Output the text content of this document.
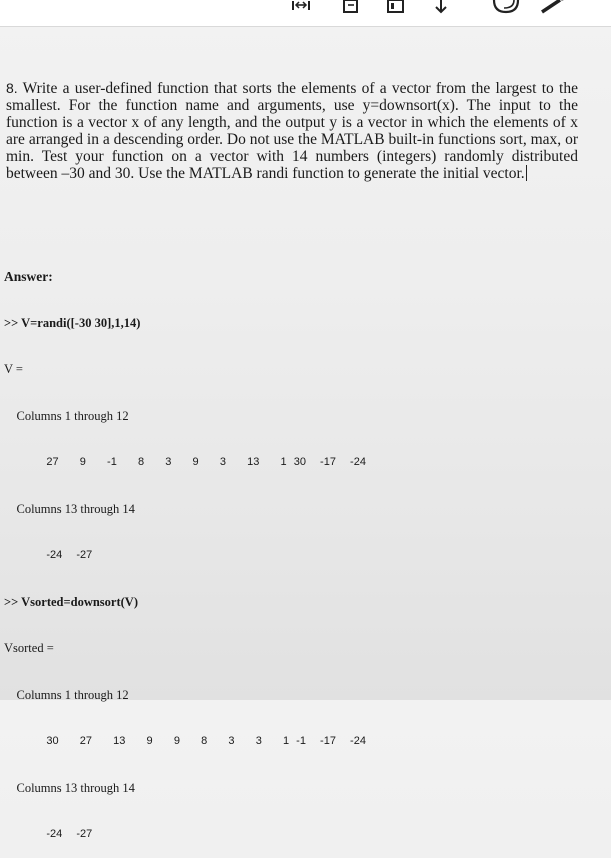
8. Write a user-defined function that sorts the elements of a vector from the largest to the smallest. For the function name and arguments, use y=downsort(x). The input to the function is a vector x of any length, and the output y is a vector in which the elements of x are arranged in a descending order. Do not use the MATLAB built-in functions sort, max, or min. Test your function on a vector with 14 numbers (integers) randomly distributed between –30 and 30. Use the MATLAB randi function to generate the initial vector.

Answer:

>> V=randi([-30 30],1,14)

V =

Columns 1 through 12

27   9   -1   8   3   9   3   13   1 30  -17  -24

Columns 13 through 14

-24  -27

>> Vsorted=downsort(V)

Vsorted =

Columns 1 through 12

30   27   13   9   9   8   3   3   1 -1  -17  -24

Columns 13 through 14

-24  -27
